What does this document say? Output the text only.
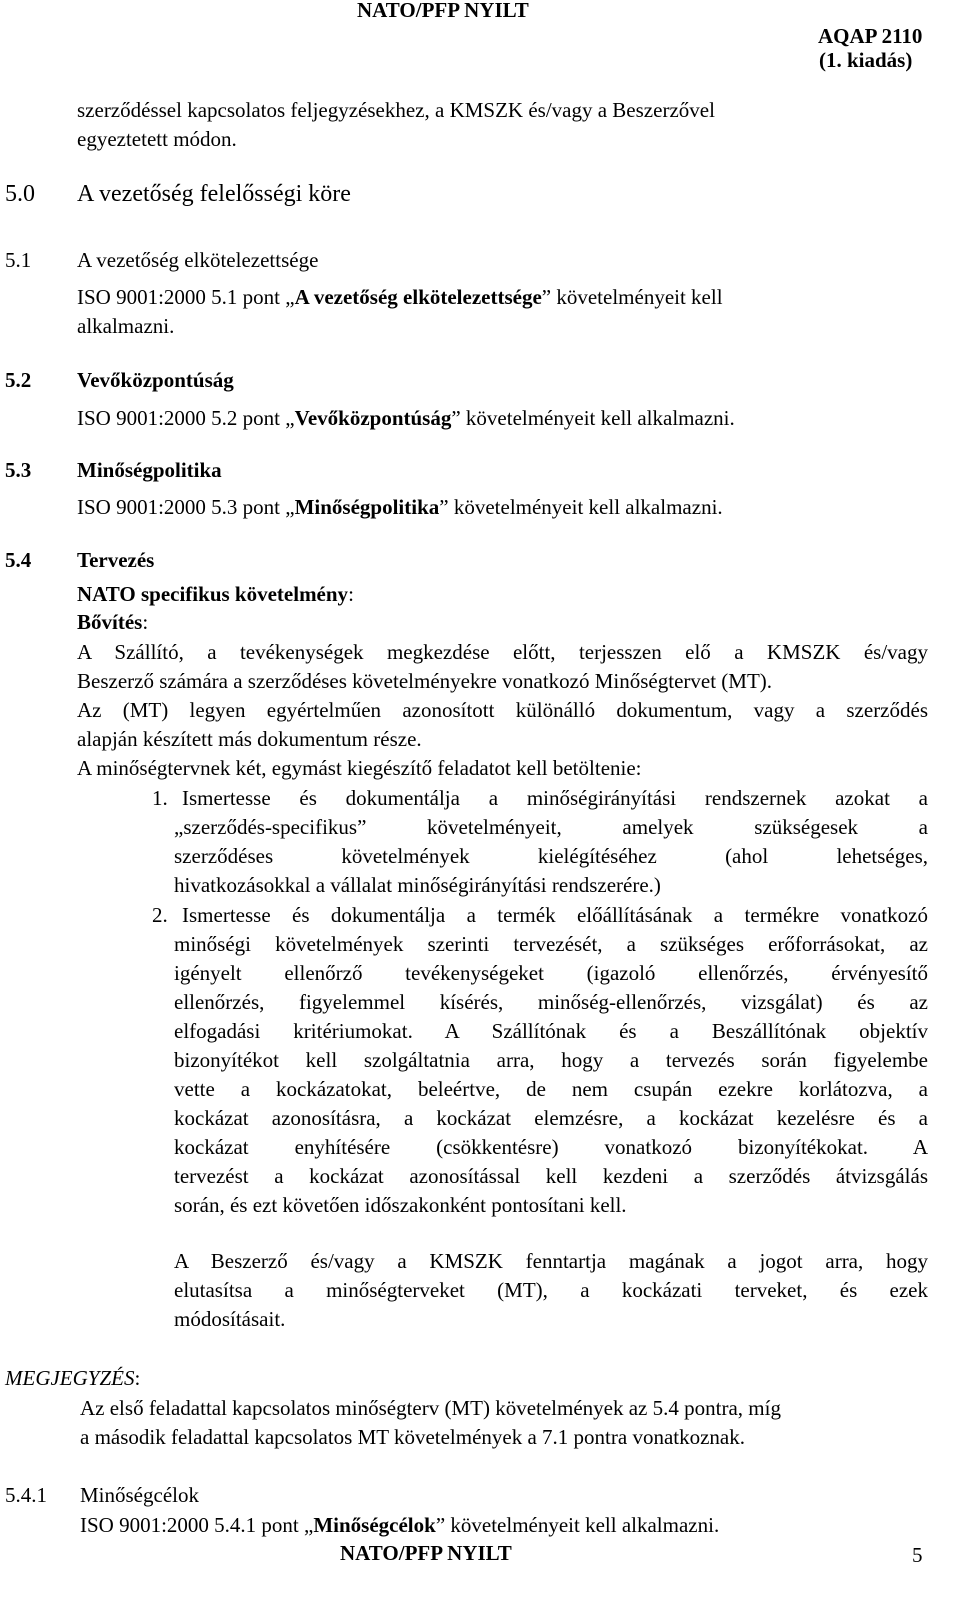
NATO/PFP NYILT
AQAP 2110
(1. kiadás)
szerződéssel kapcsolatos feljegyzésekhez, a KMSZK és/vagy a Beszerzővel
egyeztetett módon.
5.0 A vezetőség felelősségi köre
5.1 A vezetőség elkötelezettsége
ISO 9001:2000 5.1 pont „A vezetőség elkötelezettsége” követelményeit kell
alkalmazni.
5.2 Vevőközpontúság
ISO 9001:2000 5.2 pont „Vevőközpontúság” követelményeit kell alkalmazni.
5.3 Minőségpolitika
ISO 9001:2000 5.3 pont „Minőségpolitika” követelményeit kell alkalmazni.
5.4 Tervezés
NATO specifikus követelmény:
Bővítés:
A Szállító, a tevékenységek megkezdése előtt, terjesszen elő a KMSZK és/vagy
Beszerző számára a szerződéses követelményekre vonatkozó Minőségtervet (MT).
Az (MT) legyen egyértelműen azonosított különálló dokumentum, vagy a szerződés
alapján készített más dokumentum része.
A minőségtervnek két, egymást kiegészítő feladatot kell betöltenie:
1. Ismertesse és dokumentálja a minőségirányítási rendszernek azokat a
„szerződés-specifikus” követelményeit, amelyek szükségesek a
szerződéses követelmények kielégítéséhez (ahol lehetséges,
hivatkozásokkal a vállalat minőségirányítási rendszerére.)
2. Ismertesse és dokumentálja a termék előállításának a termékre vonatkozó
minőségi követelmények szerinti tervezését, a szükséges erőforrásokat, az
igényelt ellenőrző tevékenységeket (igazoló ellenőrzés, érvényesítő
ellenőrzés, figyelemmel kísérés, minőség-ellenőrzés, vizsgálat) és az
elfogadási kritériumokat. A Szállítónak és a Beszállítónak objektív
bizonyítékot kell szolgáltatnia arra, hogy a tervezés során figyelembe
vette a kockázatokat, beleértve, de nem csupán ezekre korlátozva, a
kockázat azonosításra, a kockázat elemzésre, a kockázat kezelésre és a
kockázat enyhítésére (csökkentésre) vonatkozó bizonyítékokat. A
tervezést a kockázat azonosítással kell kezdeni a szerződés átvizsgálás
során, és ezt követően időszakonként pontosítani kell.
A Beszerző és/vagy a KMSZK fenntartja magának a jogot arra, hogy
elutasítsa a minőségterveket (MT), a kockázati terveket, és ezek
módosításait.
MEGJEGYZÉS:
Az első feladattal kapcsolatos minőségterv (MT) követelmények az 5.4 pontra, míg
a második feladattal kapcsolatos MT követelmények a 7.1 pontra vonatkoznak.
5.4.1 Minőségcélok
ISO 9001:2000 5.4.1 pont „Minőségcélok” követelményeit kell alkalmazni.
NATO/PFP NYILT	5
